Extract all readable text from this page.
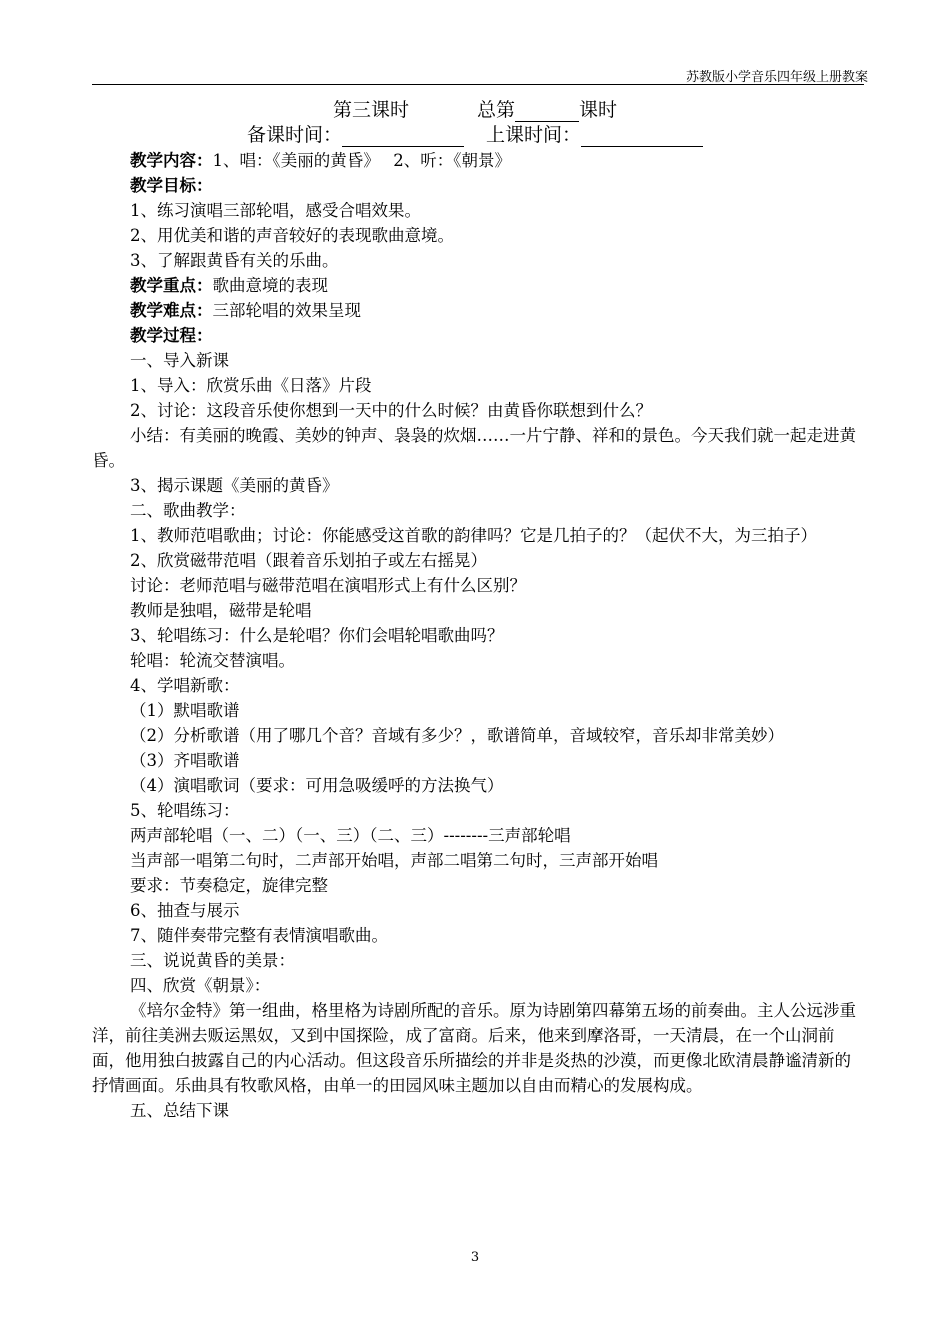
苏教版小学音乐四年级上册教案
第三课时	总第	课时
备课时间：	上课时间：

教学内容：1、唱：《美丽的黄昏》　 2、听：《朝景》

教学目标：

1、练习演唱三部轮唱，感受合唱效果。

2、用优美和谐的声音较好的表现歌曲意境。

3、了解跟黄昏有关的乐曲。

教学重点：歌曲意境的表现

教学难点：三部轮唱的效果呈现

教学过程：

一、导入新课

1、导入：欣赏乐曲《日落》片段

2、讨论：这段音乐使你想到一天中的什么时候？由黄昏你联想到什么？

小结：有美丽的晚霞、美妙的钟声、袅袅的炊烟……一片宁静、祥和的景色。今天我们就一起走进黄昏。

3、揭示课题《美丽的黄昏》

二、歌曲教学：

1、教师范唱歌曲；讨论：你能感受这首歌的韵律吗？它是几拍子的？（起伏不大，为三拍子）

2、欣赏磁带范唱（跟着音乐划拍子或左右摇晃）

讨论：老师范唱与磁带范唱在演唱形式上有什么区别？

教师是独唱，磁带是轮唱

3、轮唱练习：什么是轮唱？你们会唱轮唱歌曲吗？

轮唱：轮流交替演唱。

4、学唱新歌：

（1）默唱歌谱

（2）分析歌谱（用了哪几个音？音域有多少？，歌谱简单，音域较窄，音乐却非常美妙）

（3）齐唱歌谱

（4）演唱歌词（要求：可用急吸缓呼的方法换气）

5、轮唱练习：

两声部轮唱（一、二）（一、三）（二、三）--------三声部轮唱

当声部一唱第二句时，二声部开始唱，声部二唱第二句时，三声部开始唱

要求：节奏稳定，旋律完整

6、抽查与展示

7、随伴奏带完整有表情演唱歌曲。

三、说说黄昏的美景：

四、欣赏《朝景》：

《培尔金特》第一组曲，格里格为诗剧所配的音乐。原为诗剧第四幕第五场的前奏曲。主人公远涉重洋，前往美洲去贩运黑奴，又到中国探险，成了富商。后来，他来到摩洛哥，一天清晨，在一个山洞前面，他用独白披露自己的内心活动。但这段音乐所描绘的并非是炎热的沙漠，而更像北欧清晨静谧清新的抒情画面。乐曲具有牧歌风格，由单一的田园风味主题加以自由而精心的发展构成。

五、总结下课

3
